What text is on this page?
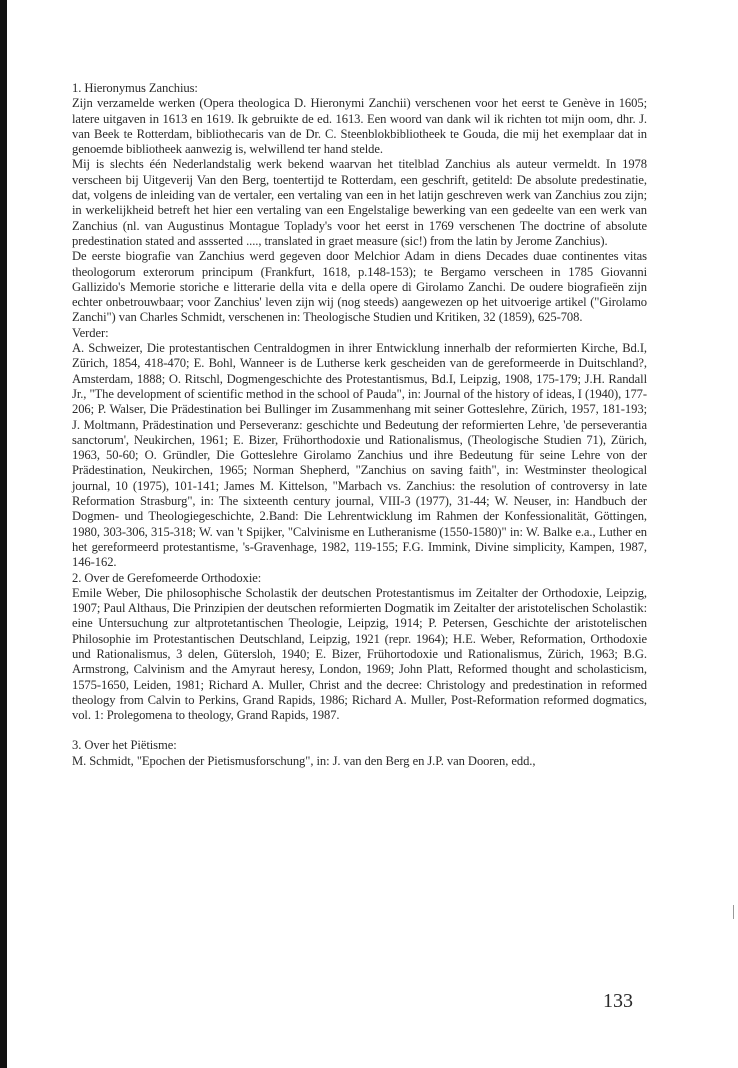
1. Hieronymus Zanchius:

Zijn verzamelde werken (Opera theologica D. Hieronymi Zanchii) verschenen voor het eerst te Genève in 1605; latere uitgaven in 1613 en 1619. Ik gebruikte de ed. 1613. Een woord van dank wil ik richten tot mijn oom, dhr. J. van Beek te Rotterdam, bibliothecaris van de Dr. C. Steenblokbibliotheek te Gouda, die mij het exemplaar dat in genoemde bibliotheek aanwezig is, welwillend ter hand stelde.

Mij is slechts één Nederlandstalig werk bekend waarvan het titelblad Zanchius als auteur vermeldt. In 1978 verscheen bij Uitgeverij Van den Berg, toentertijd te Rotterdam, een geschrift, getiteld: De absolute predestinatie, dat, volgens de inleiding van de vertaler, een vertaling van een in het latijn geschreven werk van Zanchius zou zijn; in werkelijkheid betreft het hier een vertaling van een Engelstalige bewerking van een gedeelte van een werk van Zanchius (nl. van Augustinus Montague Toplady's voor het eerst in 1769 verschenen The doctrine of absolute predestination stated and assserted ...., translated in graet measure (sic!) from the latin by Jerome Zanchius).

De eerste biografie van Zanchius werd gegeven door Melchior Adam in diens Decades duae continentes vitas theologorum exterorum principum (Frankfurt, 1618, p.148-153); te Bergamo verscheen in 1785 Giovanni Gallizido's Memorie storiche e litterarie della vita e della opere di Girolamo Zanchi. De oudere biografieën zijn echter onbetrouwbaar; voor Zanchius' leven zijn wij (nog steeds) aangewezen op het uitvoerige artikel ("Girolamo Zanchi") van Charles Schmidt, verschenen in: Theologische Studien und Kritiken, 32 (1859), 625-708.

Verder:

A. Schweizer, Die protestantischen Centraldogmen in ihrer Entwicklung innerhalb der reformierten Kirche, Bd.I, Zürich, 1854, 418-470; E. Bohl, Wanneer is de Lutherse kerk gescheiden van de gereformeerde in Duitschland?, Amsterdam, 1888; O. Ritschl, Dogmengeschichte des Protestantismus, Bd.I, Leipzig, 1908, 175-179; J.H. Randall Jr., "The development of scientific method in the school of Pauda", in: Journal of the history of ideas, I (1940), 177-206; P. Walser, Die Prädestination bei Bullinger im Zusammenhang mit seiner Gotteslehre, Zürich, 1957, 181-193; J. Moltmann, Prädestination und Perseveranz: geschichte und Bedeutung der reformierten Lehre, 'de perseverantia sanctorum', Neukirchen, 1961; E. Bizer, Frühorthodoxie und Rationalismus, (Theologische Studien 71), Zürich, 1963, 50-60; O. Gründler, Die Gotteslehre Girolamo Zanchius und ihre Bedeutung für seine Lehre von der Prädestination, Neukirchen, 1965; Norman Shepherd, "Zanchius on saving faith", in: Westminster theological journal, 10 (1975), 101-141; James M. Kittelson, "Marbach vs. Zanchius: the resolution of controversy in late Reformation Strasburg", in: The sixteenth century journal, VIII-3 (1977), 31-44; W. Neuser, in: Handbuch der Dogmen- und Theologiegeschichte, 2.Band: Die Lehrentwicklung im Rahmen der Konfessionalität, Göttingen, 1980, 303-306, 315-318; W. van 't Spijker, "Calvinisme en Lutheranisme (1550-1580)" in: W. Balke e.a., Luther en het gereformeerd protestantisme, 's-Gravenhage, 1982, 119-155; F.G. Immink, Divine simplicity, Kampen, 1987, 146-162.

2. Over de Gerefomeerde Orthodoxie:

Emile Weber, Die philosophische Scholastik der deutschen Protestantismus im Zeitalter der Orthodoxie, Leipzig, 1907; Paul Althaus, Die Prinzipien der deutschen reformierten Dogmatik im Zeitalter der aristotelischen Scholastik: eine Untersuchung zur altprotetantischen Theologie, Leipzig, 1914; P. Petersen, Geschichte der aristotelischen Philosophie im Protestantischen Deutschland, Leipzig, 1921 (repr. 1964); H.E. Weber, Reformation, Orthodoxie und Rationalismus, 3 delen, Gütersloh, 1940; E. Bizer, Frühortodoxie und Rationalismus, Zürich, 1963; B.G. Armstrong, Calvinism and the Amyraut heresy, London, 1969; John Platt, Reformed thought and scholasticism, 1575-1650, Leiden, 1981; Richard A. Muller, Christ and the decree: Christology and predestination in reformed theology from Calvin to Perkins, Grand Rapids, 1986; Richard A. Muller, Post-Reformation reformed dogmatics, vol. 1: Prolegomena to theology, Grand Rapids, 1987.

3. Over het Piëtisme:

M. Schmidt, "Epochen der Pietismusforschung", in: J. van den Berg en J.P. van Dooren, edd.,

133
